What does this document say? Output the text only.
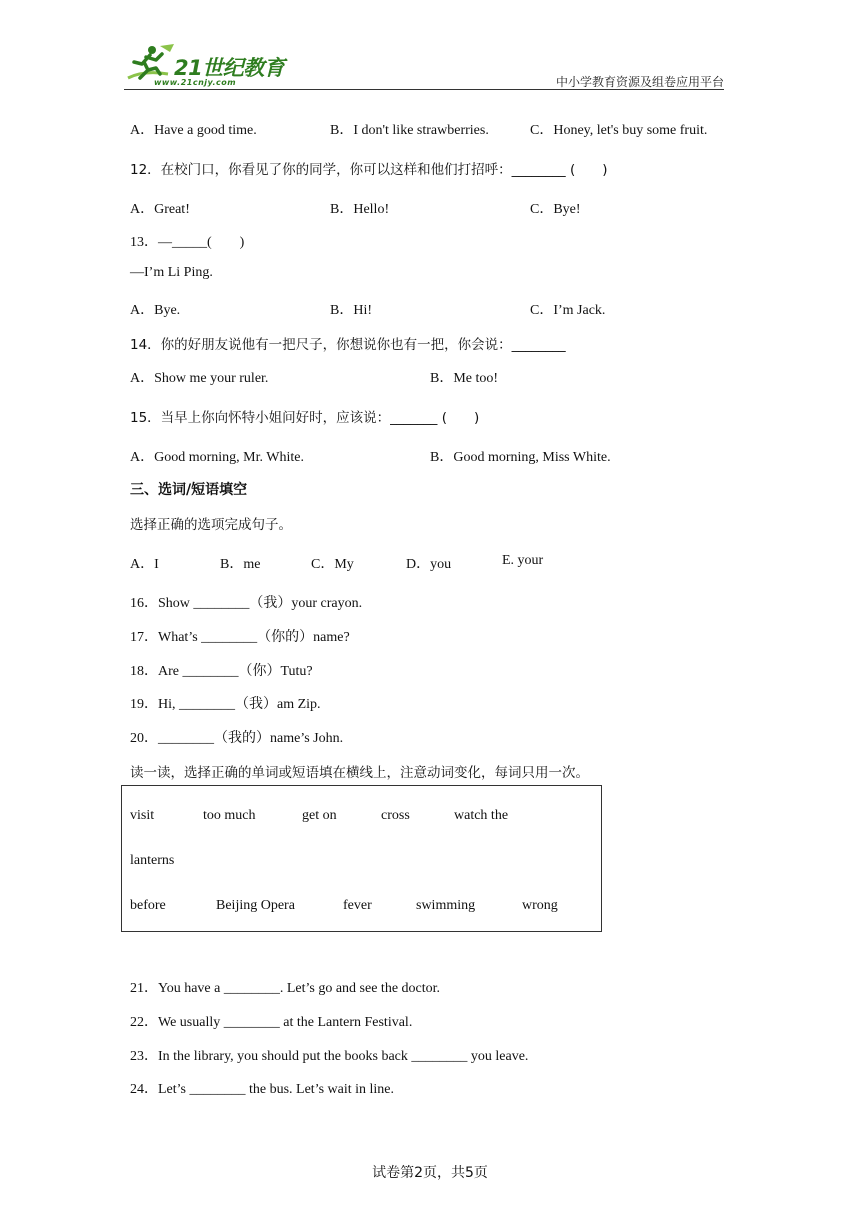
21世纪教育
www.21cnjy.com	中小学教育资源及组卷应用平台
A．Have a good time.	B．I don't like strawberries.	C．Honey, let's buy some fruit.
12．在校门口，你看见了你的同学，你可以这样和他们打招呼：________ (　　)
A．Great!	B．Hello!	C．Bye!
13．—_____(　　)
—I’m Li Ping.
A．Bye.	B．Hi!	C．I’m Jack.
14．你的好朋友说他有一把尺子，你想说你也有一把，你会说：________
A．Show me your ruler.	B．Me too!
15．当早上你向怀特小姐问好时，应该说：_______ (　　)
A．Good morning, Mr. White.	B．Good morning, Miss White.
三、选词/短语填空
选择正确的选项完成句子。
A．I	B．me	C．My	D．you	E. your
16．Show ________（我）your crayon.
17．What’s ________（你的）name?
18．Are ________（你）Tutu?
19．Hi, ________（我）am Zip.
20．________（我的）name’s John.
读一读，选择正确的单词或短语填在横线上，注意动词变化，每词只用一次。
visit	too much	get on	cross	watch the
lanterns
before	Beijing Opera	fever	swimming	wrong
21．You have a ________. Let’s go and see the doctor.
22．We usually ________ at the Lantern Festival.
23．In the library, you should put the books back ________ you leave.
24．Let’s ________ the bus. Let’s wait in line.
试卷第2页，共5页
